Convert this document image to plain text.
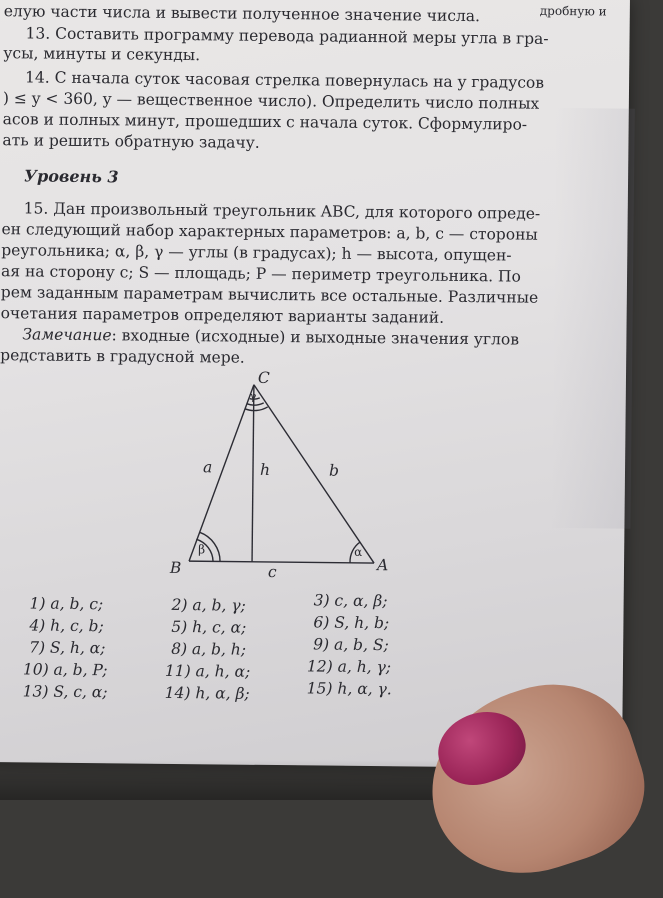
елую части числа и вывести полученное значение числа.	дробную и
13. Составить программу перевода радианной меры угла в гра-
усы, минуты и секунды.
14. С начала суток часовая стрелка повернулась на y градусов
) ≤ y < 360, y — вещественное число). Определить число полных
асов и полных минут, прошедших с начала суток. Сформулиро-
ать и решить обратную задачу.
Уровень 3
15. Дан произвольный треугольник ABC, для которого опреде-
ен следующий набор характерных параметров: a, b, c — стороны
реугольника; α, β, γ — углы (в градусах); h — высота, опущен-
ая на сторону c; S — площадь; P — периметр треугольника. По
рем заданным параметрам вычислить все остальные. Различные
очетания параметров определяют варианты заданий.
Замечание: входные (исходные) и выходные значения углов
редставить в градусной мере.
C
B	A
a	b
c
h
γ
β	α
1) a, b, c;	2) a, b, γ;	3) c, α, β;
4) h, c, b;	5) h, c, α;	6) S, h, b;
7) S, h, α;	8) a, b, h;	9) a, b, S;
10) a, b, P;	11) a, h, α;	12) a, h, γ;
13) S, c, α;	14) h, α, β;	15) h, α, γ.
